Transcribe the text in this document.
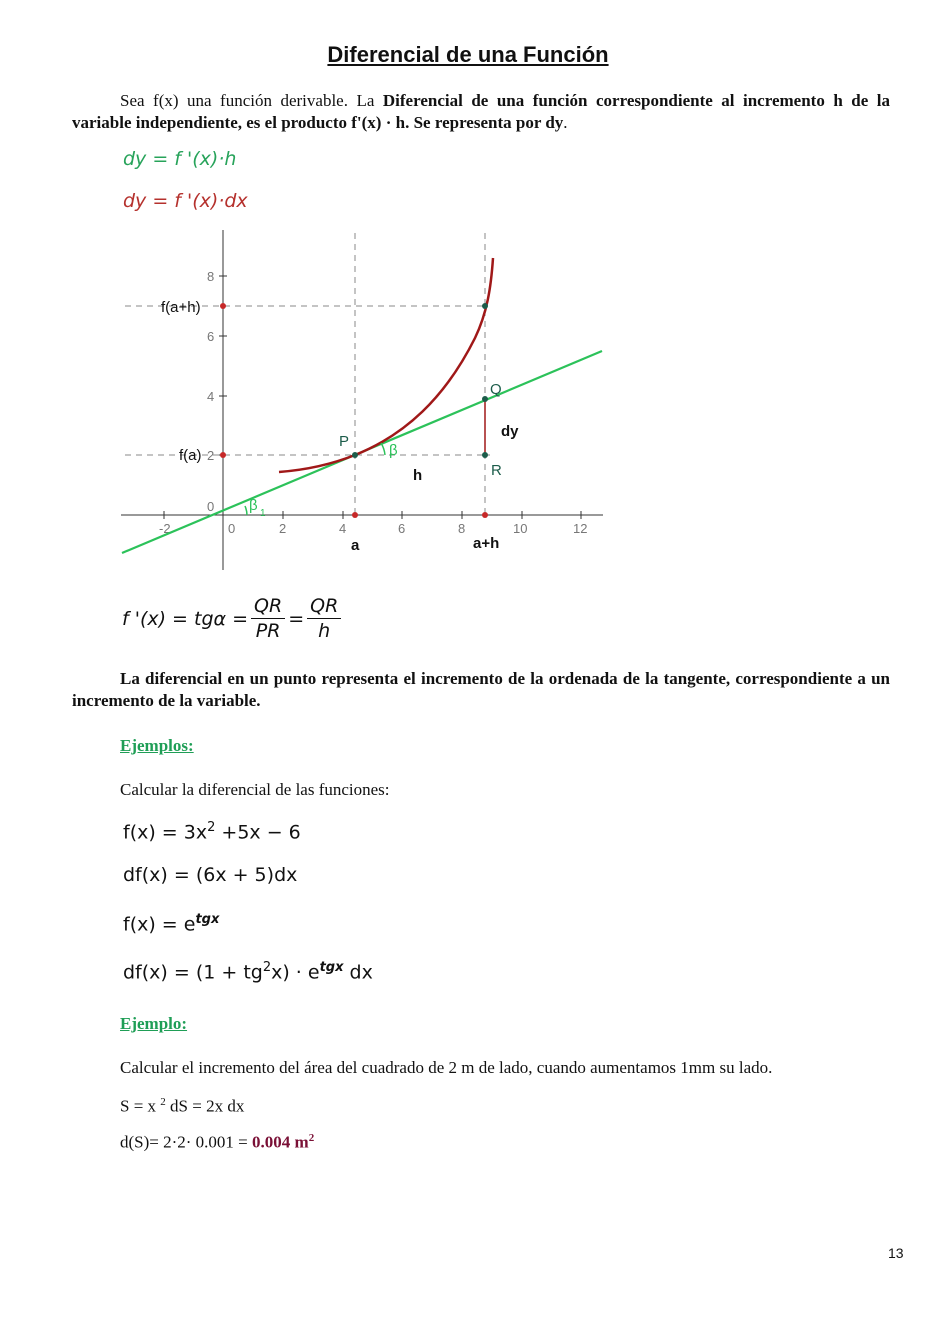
Diferencial de una Función
Sea f(x) una función derivable. La Diferencial de una función correspondiente al incremento h de la variable independiente, es el producto f'(x) · h. Se representa por dy.
dy = f '(x)·h
dy = f '(x)·dx
-2	0	2	4	6	8	10	12
8
6
4
2
0
f(a+h)
f(a)
a	a+h
P
Q
R
dy
h
β
β 1
f '$(x) = tg\alpha = \frac{QR}{PR} = \frac{QR}{h}$
La diferencial en un punto representa el incremento de la ordenada de la tangente, correspondiente a un incremento de la variable.
Ejemplos:
Calcular la diferencial de las funciones:
$f(x) = 3x^2 +5x - 6$
df(x) = (6x + 5)dx
$f(x) = e^{tgx}$
$df(x) = (1 + tg^2x) \cdot e^{tgx}$ dx
Ejemplo:
Calcular el incremento del área del cuadrado de 2 m de lado, cuando aumentamos 1mm su lado.
S = x $^2$ dS = 2x dx
d(S)= 2·2· 0.001 = 0.004 $m^2$
13
